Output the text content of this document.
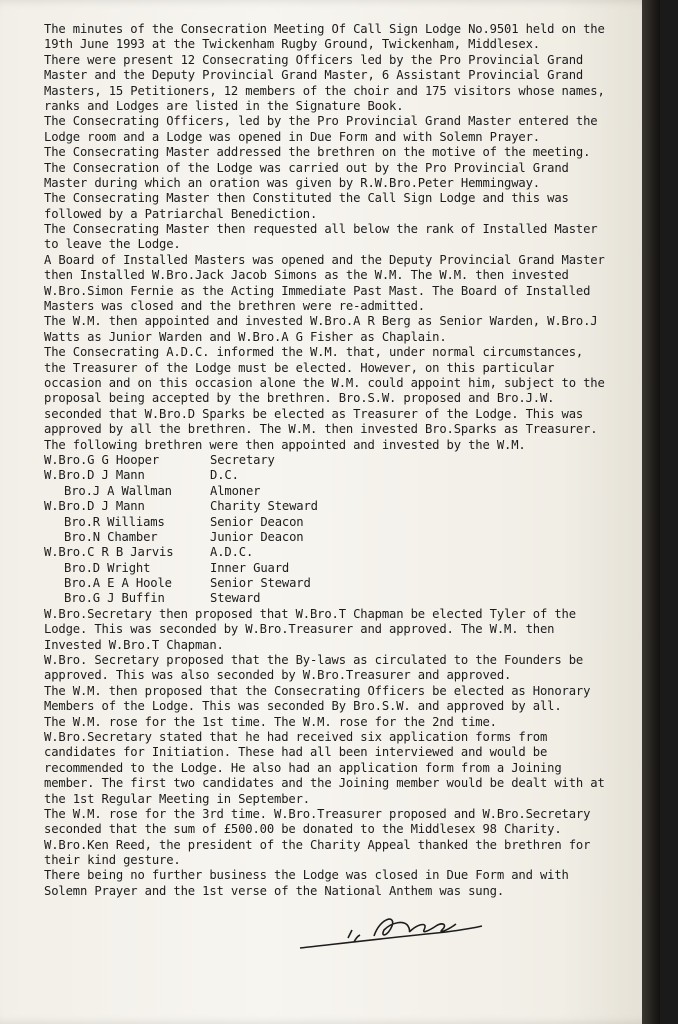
The minutes of the Consecration Meeting Of Call Sign Lodge No.9501 held on the
19th June 1993 at the Twickenham Rugby Ground, Twickenham, Middlesex.
There were present 12 Consecrating Officers led by the Pro Provincial Grand
Master and the Deputy Provincial Grand Master, 6 Assistant Provincial Grand
Masters, 15 Petitioners, 12 members of the choir and 175 visitors whose names,
ranks and Lodges are listed in the Signature Book.
The Consecrating Officers, led by the Pro Provincial Grand Master entered the
Lodge room and a Lodge was opened in Due Form and with Solemn Prayer.
The Consecrating Master addressed the brethren on the motive of the meeting.
The Consecration of the Lodge was carried out by the Pro Provincial Grand
Master during which an oration was given by R.W.Bro.Peter Hemmingway.
The Consecrating Master then Constituted the Call Sign Lodge and this was
followed by a Patriarchal Benediction.
The Consecrating Master then requested all below the rank of Installed Master
to leave the Lodge.
A Board of Installed Masters was opened and the Deputy Provincial Grand Master
then Installed W.Bro.Jack Jacob Simons as the W.M. The W.M. then invested
W.Bro.Simon Fernie as the Acting Immediate Past Mast. The Board of Installed
Masters was closed and the brethren were re-admitted.
The W.M. then appointed and invested W.Bro.A R Berg as Senior Warden, W.Bro.J
Watts as Junior Warden and W.Bro.A G Fisher as Chaplain.
The Consecrating A.D.C. informed the W.M. that, under normal circumstances,
the Treasurer of the Lodge must be elected. However, on this particular
occasion and on this occasion alone the W.M. could appoint him, subject to the
proposal being accepted by the brethren. Bro.S.W. proposed and Bro.J.W.
seconded that W.Bro.D Sparks be elected as Treasurer of the Lodge. This was
approved by all the brethren. The W.M. then invested Bro.Sparks as Treasurer.
The following brethren were then appointed and invested by the W.M.
W.Bro.G G Hooper	Secretary
W.Bro.D J Mann	D.C.
Bro.J A Wallman	Almoner
W.Bro.D J Mann	Charity Steward
Bro.R Williams	Senior Deacon
Bro.N Chamber	Junior Deacon
W.Bro.C R B Jarvis	A.D.C.
Bro.D Wright	Inner Guard
Bro.A E A Hoole	Senior Steward
Bro.G J Buffin	Steward
W.Bro.Secretary then proposed that W.Bro.T Chapman be elected Tyler of the
Lodge. This was seconded by W.Bro.Treasurer and approved. The W.M. then
Invested W.Bro.T Chapman.
W.Bro. Secretary proposed that the By-laws as circulated to the Founders be
approved. This was also seconded by W.Bro.Treasurer and approved.
The W.M. then proposed that the Consecrating Officers be elected as Honorary
Members of the Lodge. This was seconded By Bro.S.W. and approved by all.
The W.M. rose for the 1st time. The W.M. rose for the 2nd time.
W.Bro.Secretary stated that he had received six application forms from
candidates for Initiation. These had all been interviewed and would be
recommended to the Lodge. He also had an application form from a Joining
member. The first two candidates and the Joining member would be dealt with at
the 1st Regular Meeting in September.
The W.M. rose for the 3rd time. W.Bro.Treasurer proposed and W.Bro.Secretary
seconded that the sum of £500.00 be donated to the Middlesex 98 Charity.
W.Bro.Ken Reed, the president of the Charity Appeal thanked the brethren for
their kind gesture.
There being no further business the Lodge was closed in Due Form and with
Solemn Prayer and the 1st verse of the National Anthem was sung.
